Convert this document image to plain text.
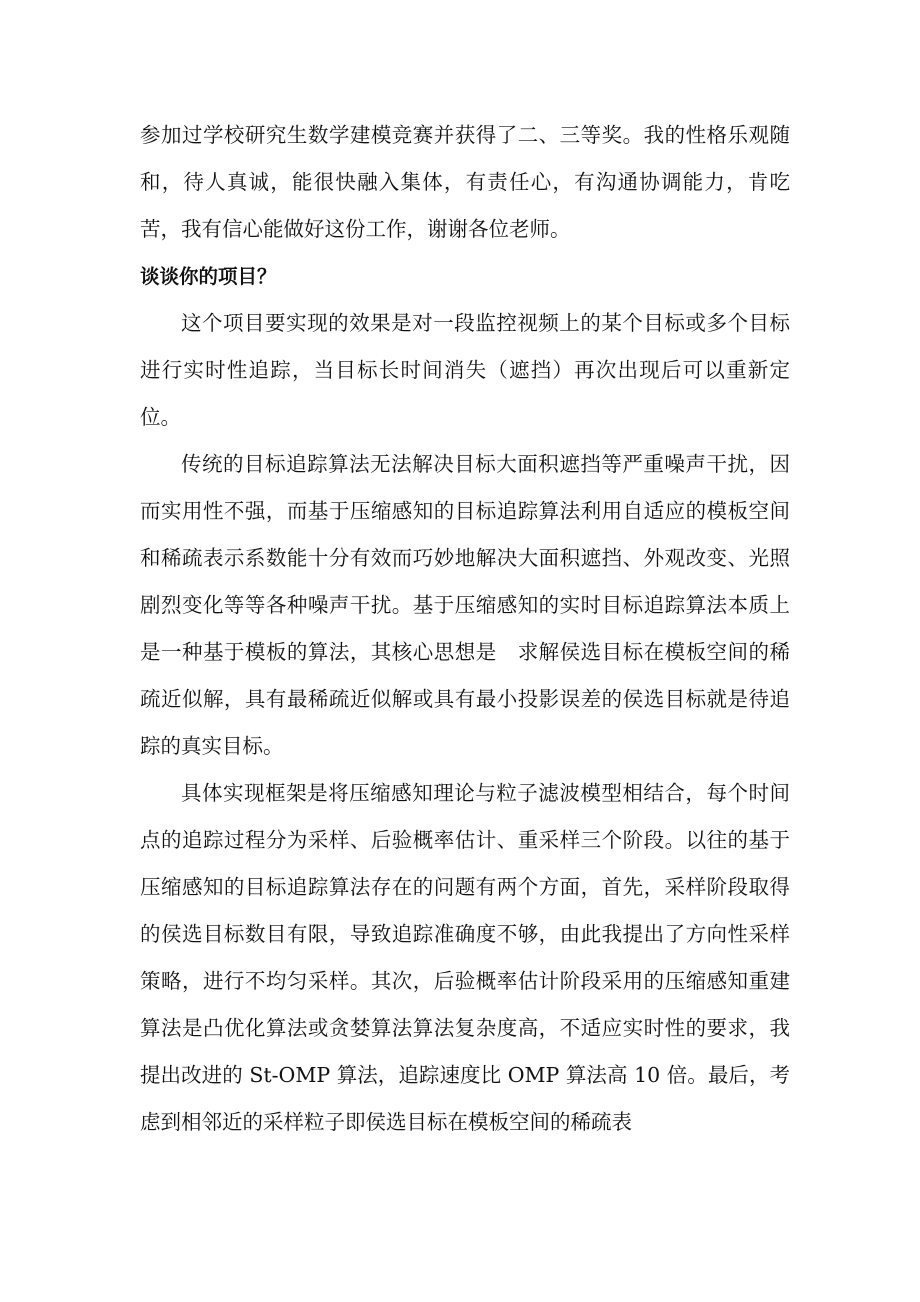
参加过学校研究生数学建模竞赛并获得了二、三等奖。我的性格乐观随和，待人真诚，能很快融入集体，有责任心，有沟通协调能力，肯吃苦，我有信心能做好这份工作，谢谢各位老师。

谈谈你的项目？

这个项目要实现的效果是对一段监控视频上的某个目标或多个目标进行实时性追踪，当目标长时间消失（遮挡）再次出现后可以重新定位。

传统的目标追踪算法无法解决目标大面积遮挡等严重噪声干扰，因而实用性不强，而基于压缩感知的目标追踪算法利用自适应的模板空间和稀疏表示系数能十分有效而巧妙地解决大面积遮挡、外观改变、光照剧烈变化等等各种噪声干扰。基于压缩感知的实时目标追踪算法本质上是一种基于模板的算法，其核心思想是　求解侯选目标在模板空间的稀疏近似解，具有最稀疏近似解或具有最小投影误差的侯选目标就是待追踪的真实目标。

具体实现框架是将压缩感知理论与粒子滤波模型相结合，每个时间点的追踪过程分为采样、后验概率估计、重采样三个阶段。以往的基于压缩感知的目标追踪算法存在的问题有两个方面，首先，采样阶段取得的侯选目标数目有限，导致追踪准确度不够，由此我提出了方向性采样策略，进行不均匀采样。其次，后验概率估计阶段采用的压缩感知重建算法是凸优化算法或贪婪算法算法复杂度高，不适应实时性的要求，我提出改进的 St-OMP 算法，追踪速度比 OMP 算法高 10 倍。最后，考虑到相邻近的采样粒子即侯选目标在模板空间的稀疏表
